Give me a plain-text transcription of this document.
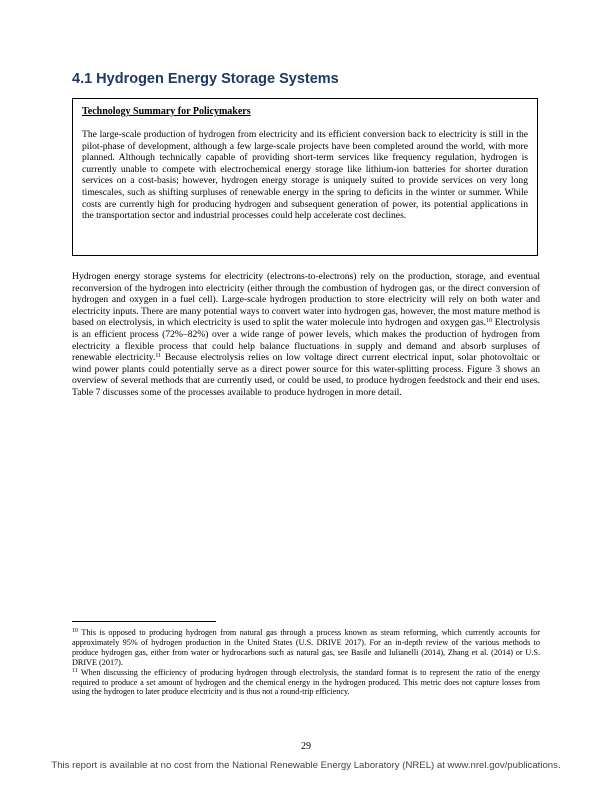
4.1 Hydrogen Energy Storage Systems

Technology Summary for Policymakers

The large-scale production of hydrogen from electricity and its efficient conversion back to electricity is still in the pilot-phase of development, although a few large-scale projects have been completed around the world, with more planned. Although technically capable of providing short-term services like frequency regulation, hydrogen is currently unable to compete with electrochemical energy storage like lithium-ion batteries for shorter duration services on a cost-basis; however, hydrogen energy storage is uniquely suited to provide services on very long timescales, such as shifting surpluses of renewable energy in the spring to deficits in the winter or summer. While costs are currently high for producing hydrogen and subsequent generation of power, its potential applications in the transportation sector and industrial processes could help accelerate cost declines.

Hydrogen energy storage systems for electricity (electrons-to-electrons) rely on the production, storage, and eventual reconversion of the hydrogen into electricity (either through the combustion of hydrogen gas, or the direct conversion of hydrogen and oxygen in a fuel cell). Large-scale hydrogen production to store electricity will rely on both water and electricity inputs. There are many potential ways to convert water into hydrogen gas, however, the most mature method is based on electrolysis, in which electricity is used to split the water molecule into hydrogen and oxygen gas.$^{10}$ Electrolysis is an efficient process (72%–82%) over a wide range of power levels, which makes the production of hydrogen from electricity a flexible process that could help balance fluctuations in supply and demand and absorb surpluses of renewable electricity.$^{11}$ Because electrolysis relies on low voltage direct current electrical input, solar photovoltaic or wind power plants could potentially serve as a direct power source for this water-splitting process. Figure 3 shows an overview of several methods that are currently used, or could be used, to produce hydrogen feedstock and their end uses. Table 7 discusses some of the processes available to produce hydrogen in more detail.

$^{10}$ This is opposed to producing hydrogen from natural gas through a process known as steam reforming, which currently accounts for approximately 95% of hydrogen production in the United States (U.S. DRIVE 2017). For an in-depth review of the various methods to produce hydrogen gas, either from water or hydrocarbons such as natural gas, see Basile and Iulianelli (2014), Zhang et al. (2014) or U.S. DRIVE (2017).

$^{11}$ When discussing the efficiency of producing hydrogen through electrolysis, the standard format is to represent the ratio of the energy required to produce a set amount of hydrogen and the chemical energy in the hydrogen produced. This metric does not capture losses from using the hydrogen to later produce electricity and is thus not a round-trip efficiency.

29
This report is available at no cost from the National Renewable Energy Laboratory (NREL) at www.nrel.gov/publications.
